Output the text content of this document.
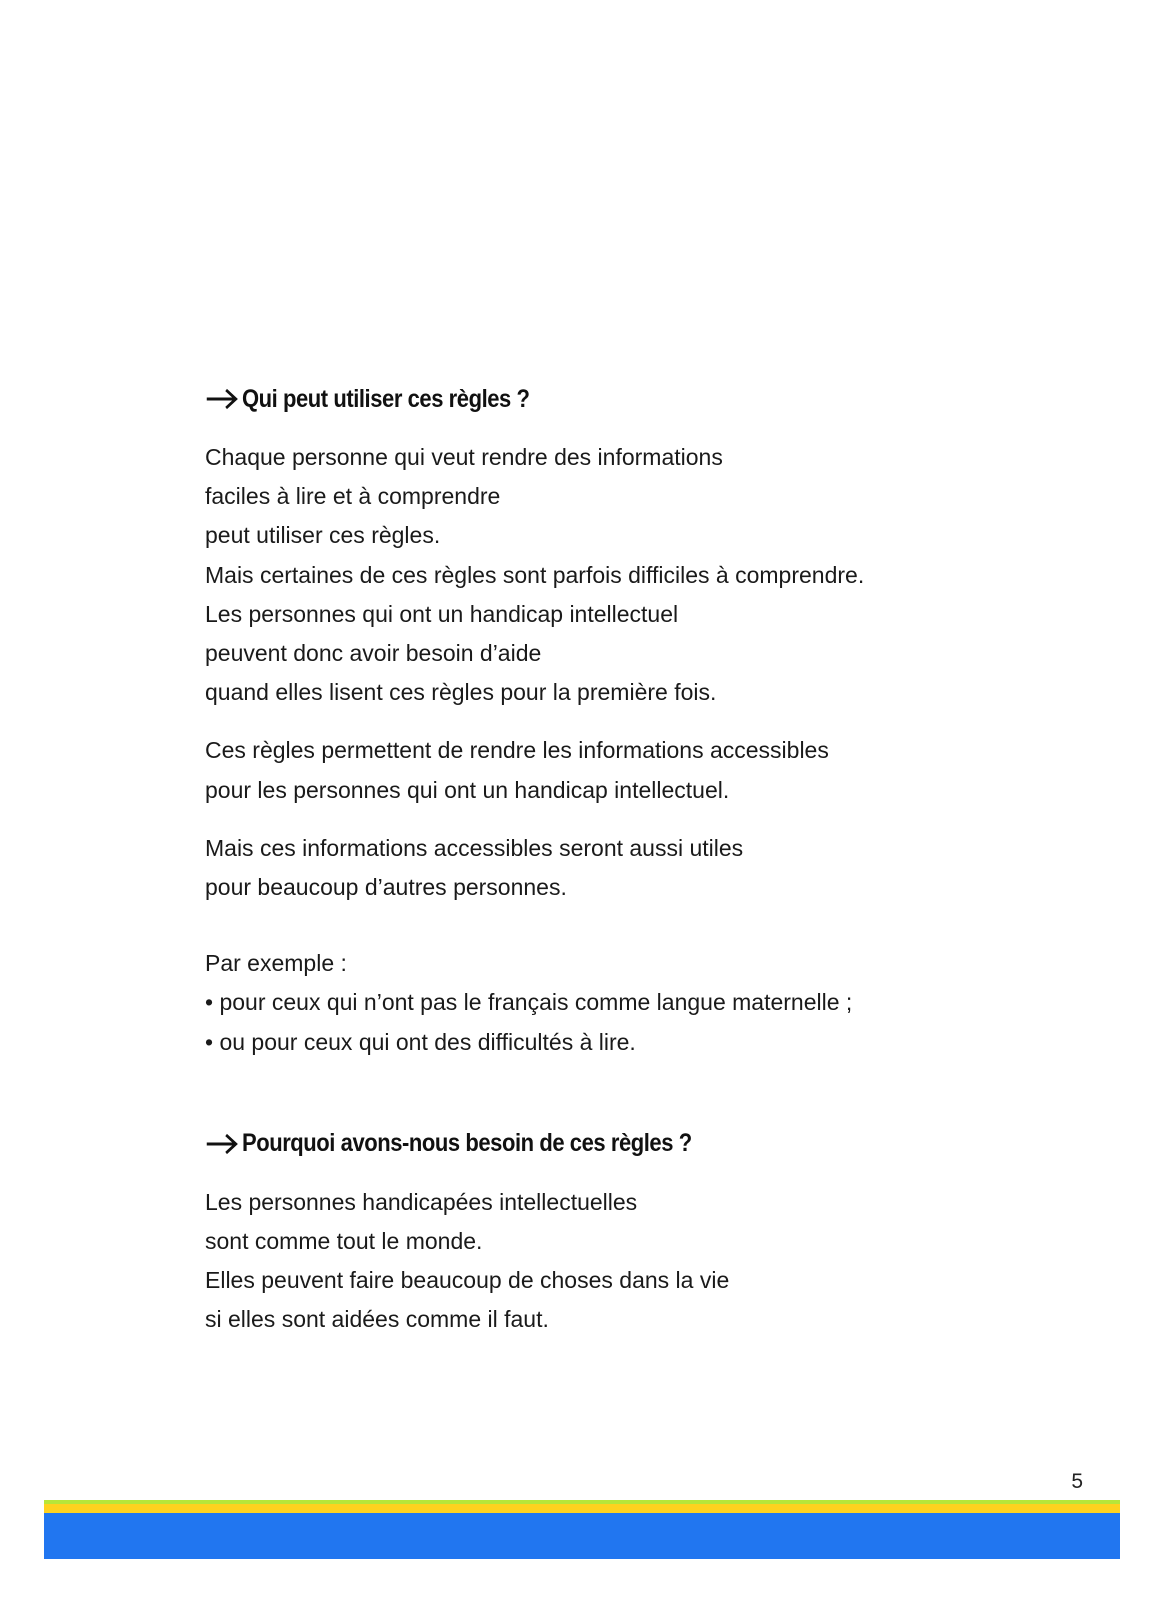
Qui peut utiliser ces règles ?

Chaque personne qui veut rendre des informations
faciles à lire et à comprendre
peut utiliser ces règles.
Mais certaines de ces règles sont parfois difficiles à comprendre.
Les personnes qui ont un handicap intellectuel
peuvent donc avoir besoin d’aide
quand elles lisent ces règles pour la première fois.

Ces règles permettent de rendre les informations accessibles
pour les personnes qui ont un handicap intellectuel.

Mais ces informations accessibles seront aussi utiles
pour beaucoup d’autres personnes.

Par exemple :
• pour ceux qui n’ont pas le français comme langue maternelle ;
• ou pour ceux qui ont des difficultés à lire.

Pourquoi avons-nous besoin de ces règles ?

Les personnes handicapées intellectuelles
sont comme tout le monde.
Elles peuvent faire beaucoup de choses dans la vie
si elles sont aidées comme il faut.

5
